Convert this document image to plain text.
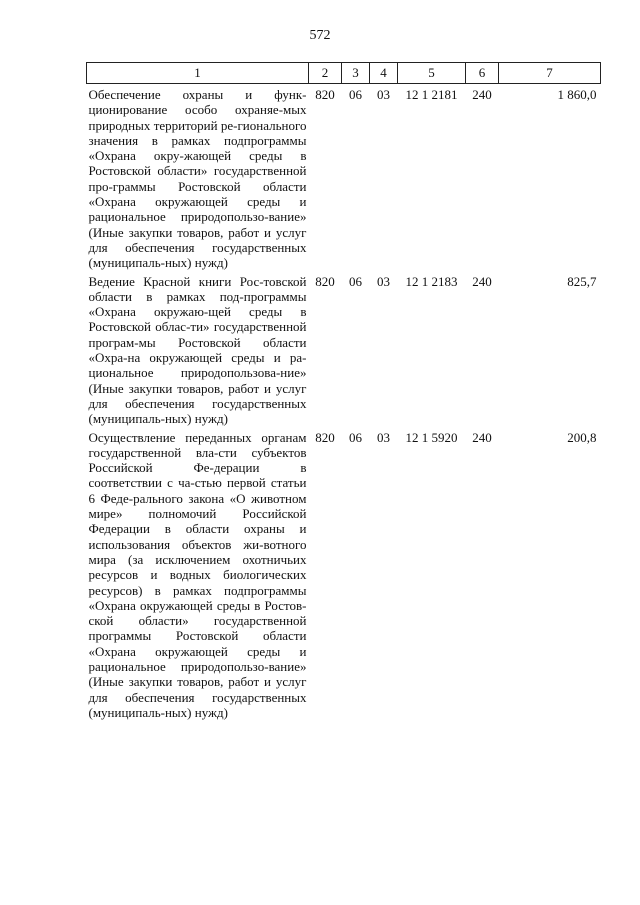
572
1	2	3	4	5	6	7
Обеспечение охраны и функ-ционирование особо охраняе-мых природных территорий ре-гионального значения в рамках подпрограммы «Охрана окру-жающей среды в Ростовской области» государственной про-граммы Ростовской области «Охрана окружающей среды и рациональное природопользо-вание» (Иные закупки товаров, работ и услуг для обеспечения государственных (муниципаль-ных) нужд)	820	06	03	12 1 2181	240	1 860,0
Ведение Красной книги Рос-товской области в рамках под-программы «Охрана окружаю-щей среды в Ростовской облас-ти» государственной програм-мы Ростовской области «Охра-на окружающей среды и ра-циональное природопользова-ние» (Иные закупки товаров, работ и услуг для обеспечения государственных (муниципаль-ных) нужд)	820	06	03	12 1 2183	240	825,7
Осуществление переданных органам государственной вла-сти субъектов Российской Фе-дерации в соответствии с ча-стью первой статьи 6 Феде-рального закона «О животном мире» полномочий Российской Федерации в области охраны и использования объектов жи-вотного мира (за исключением охотничьих ресурсов и водных биологических ресурсов) в рамках подпрограммы «Охрана окружающей среды в Ростов-ской области» государственной программы Ростовской области «Охрана окружающей среды и рациональное природопользо-вание» (Иные закупки товаров, работ и услуг для обеспечения государственных (муниципаль-ных) нужд)	820	06	03	12 1 5920	240	200,8
